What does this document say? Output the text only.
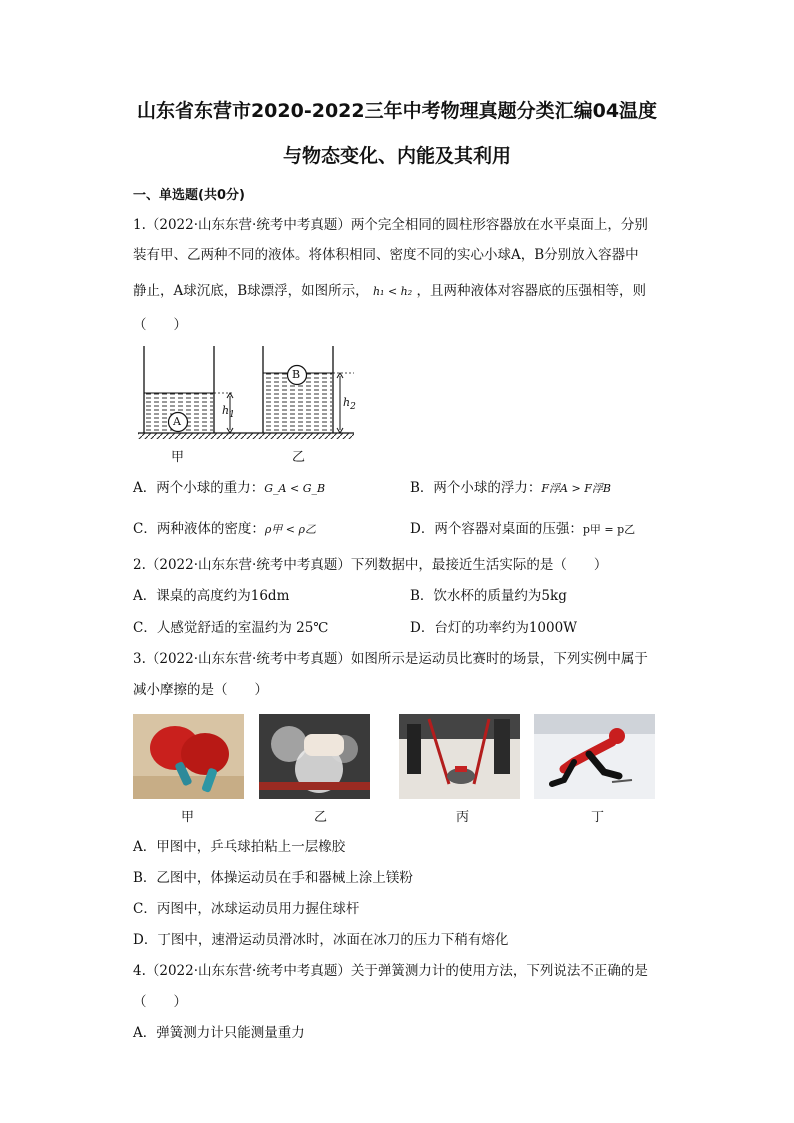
山东省东营市2020-2022三年中考物理真题分类汇编04温度
与物态变化、内能及其利用
一、单选题(共0分)
1.（2022·山东东营·统考中考真题）两个完全相同的圆柱形容器放在水平桌面上，分别
装有甲、乙两种不同的液体。将体积相同、密度不同的实心小球A，B分别放入容器中
静止，A球沉底，B球漂浮，如图所示， h₁ < h₂ ，且两种液体对容器底的压强相等，则
（　　）
A
B
$h_1$
$h_2$
甲	乙
A．两个小球的重力：G_A < G_B	B．两个小球的浮力：F浮A > F浮B
C．两种液体的密度：ρ甲 < ρ乙	D．两个容器对桌面的压强：p甲 = p乙
2.（2022·山东东营·统考中考真题）下列数据中，最接近生活实际的是（　　）
A．课桌的高度约为16dm	B．饮水杯的质量约为5kg
C．人感觉舒适的室温约为 25℃	D．台灯的功率约为1000W
3.（2022·山东东营·统考中考真题）如图所示是运动员比赛时的场景，下列实例中属于
减小摩擦的是（　　）
甲	乙	丙	丁
A．甲图中，乒乓球拍粘上一层橡胶
B．乙图中，体操运动员在手和器械上涂上镁粉
C．丙图中，冰球运动员用力握住球杆
D．丁图中，速滑运动员滑冰时，冰面在冰刀的压力下稍有熔化
4.（2022·山东东营·统考中考真题）关于弹簧测力计的使用方法，下列说法不正确的是
（　　）
A．弹簧测力计只能测量重力
